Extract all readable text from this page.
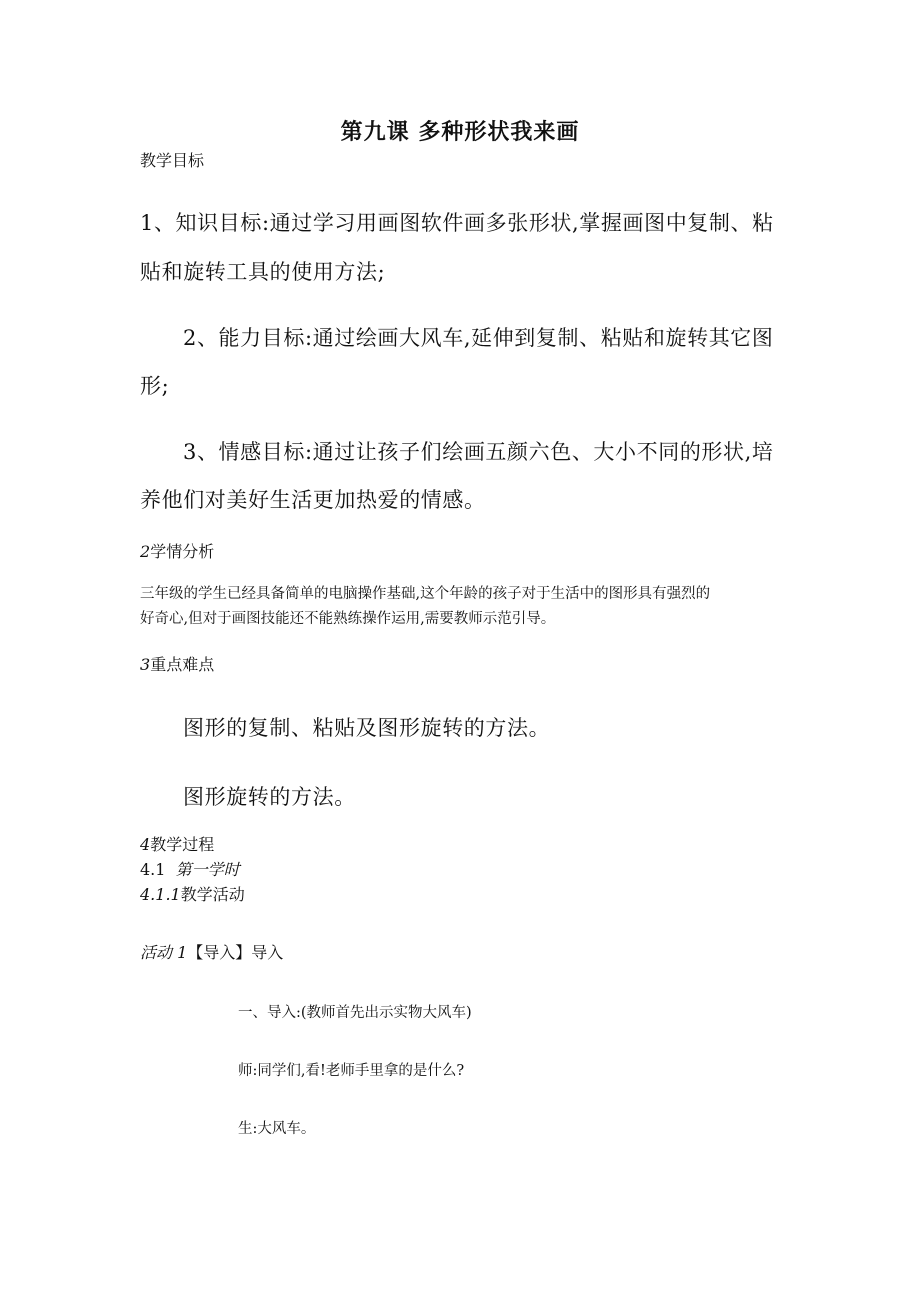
第九课 多种形状我来画
教学目标
1、知识目标:通过学习用画图软件画多张形状,掌握画图中复制、粘
贴和旋转工具的使用方法;
2、能力目标:通过绘画大风车,延伸到复制、粘贴和旋转其它图
形;
3、情感目标:通过让孩子们绘画五颜六色、大小不同的形状,培
养他们对美好生活更加热爱的情感。
2学情分析
三年级的学生已经具备简单的电脑操作基础,这个年龄的孩子对于生活中的图形具有强烈的
好奇心,但对于画图技能还不能熟练操作运用,需要教师示范引导。
3重点难点
图形的复制、粘贴及图形旋转的方法。
图形旋转的方法。
4教学过程
4.1 第一学时
4.1.1教学活动
活动 1【导入】导入
一、导入:(教师首先出示实物大风车)
师:同学们,看!老师手里拿的是什么?
生:大风车。
